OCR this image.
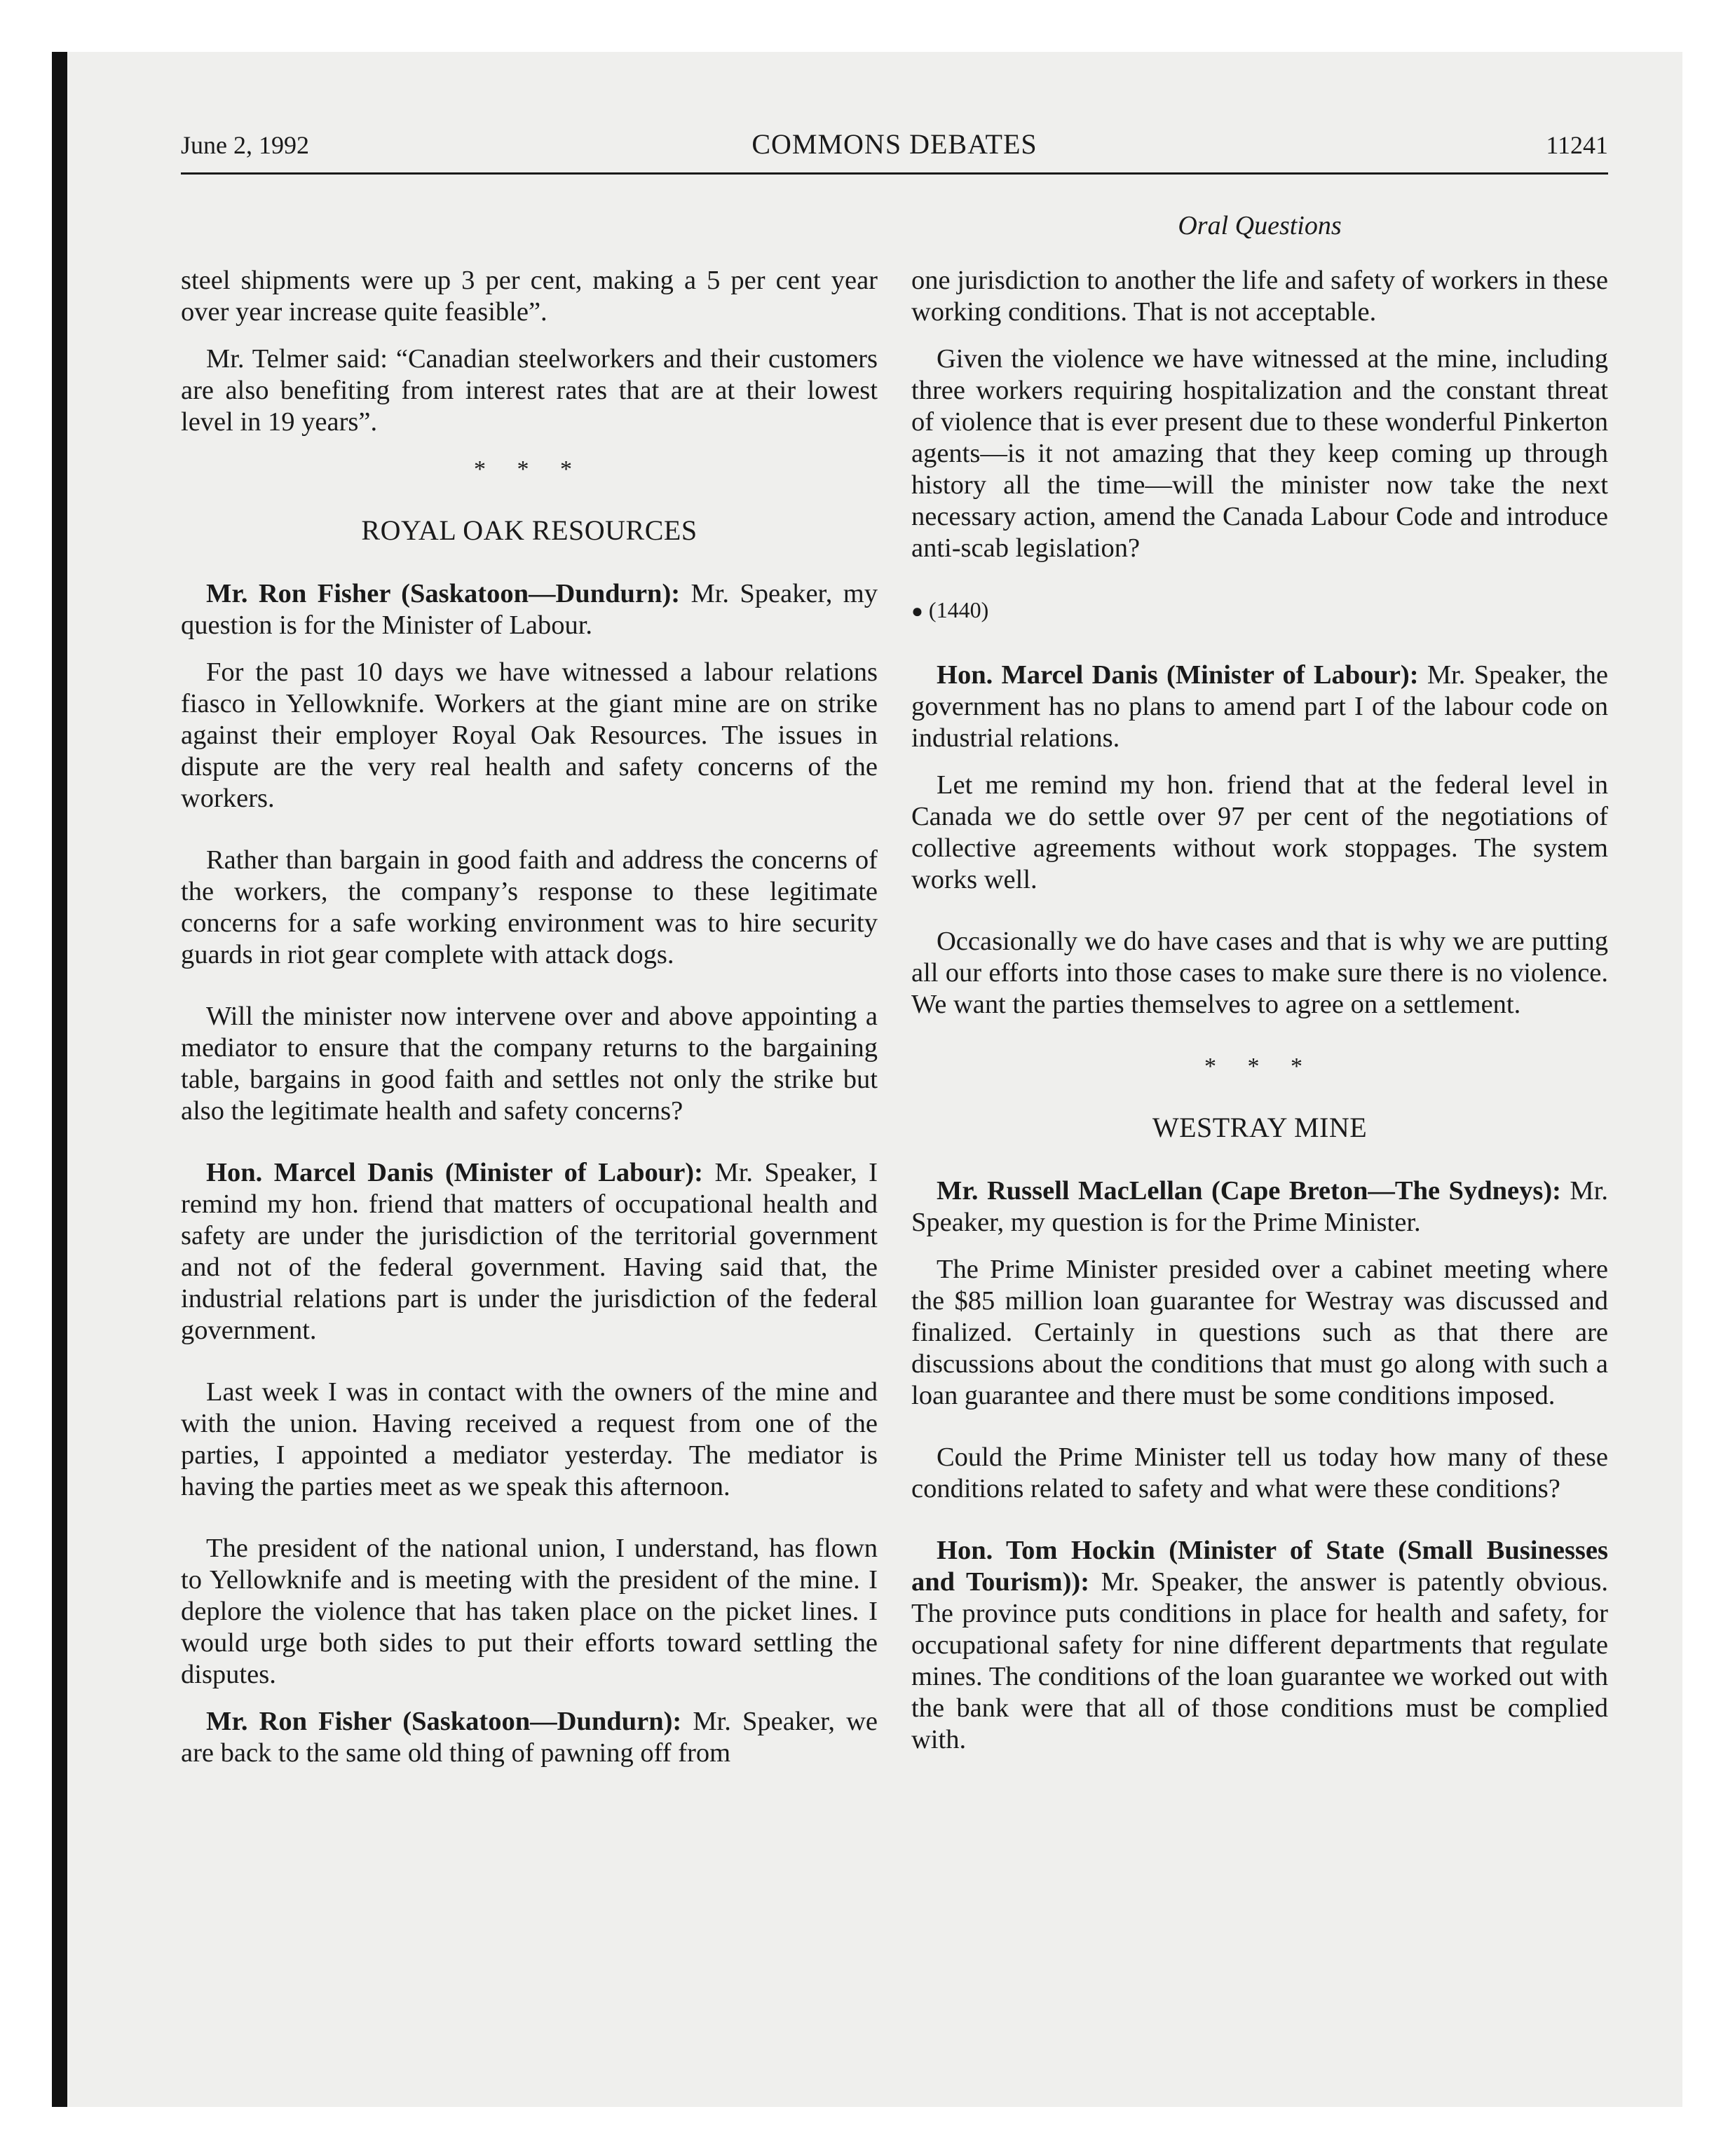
June 2, 1992	COMMONS DEBATES	11241
Oral Questions

steel shipments were up 3 per cent, making a 5 per cent year over year increase quite feasible”.

Mr. Telmer said: “Canadian steelworkers and their customers are also benefiting from interest rates that are at their lowest level in 19 years”.

* * *
ROYAL OAK RESOURCES

Mr. Ron Fisher (Saskatoon—Dundurn): Mr. Speaker, my question is for the Minister of Labour.

For the past 10 days we have witnessed a labour relations fiasco in Yellowknife. Workers at the giant mine are on strike against their employer Royal Oak Resources. The issues in dispute are the very real health and safety concerns of the workers.

Rather than bargain in good faith and address the concerns of the workers, the company’s response to these legitimate concerns for a safe working environment was to hire security guards in riot gear complete with attack dogs.

Will the minister now intervene over and above appointing a mediator to ensure that the company returns to the bargaining table, bargains in good faith and settles not only the strike but also the legitimate health and safety concerns?

Hon. Marcel Danis (Minister of Labour): Mr. Speaker, I remind my hon. friend that matters of occupational health and safety are under the jurisdiction of the territorial government and not of the federal government. Having said that, the industrial relations part is under the jurisdiction of the federal government.

Last week I was in contact with the owners of the mine and with the union. Having received a request from one of the parties, I appointed a mediator yesterday. The mediator is having the parties meet as we speak this afternoon.

The president of the national union, I understand, has flown to Yellowknife and is meeting with the president of the mine. I deplore the violence that has taken place on the picket lines. I would urge both sides to put their efforts toward settling the disputes.

Mr. Ron Fisher (Saskatoon—Dundurn): Mr. Speaker, we are back to the same old thing of pawning off from

one jurisdiction to another the life and safety of workers in these working conditions. That is not acceptable.

Given the violence we have witnessed at the mine, including three workers requiring hospitalization and the constant threat of violence that is ever present due to these wonderful Pinkerton agents—is it not amazing that they keep coming up through history all the time—will the minister now take the next necessary action, amend the Canada Labour Code and introduce anti-scab legislation?

● (1440)

Hon. Marcel Danis (Minister of Labour): Mr. Speaker, the government has no plans to amend part I of the labour code on industrial relations.

Let me remind my hon. friend that at the federal level in Canada we do settle over 97 per cent of the negotiations of collective agreements without work stoppages. The system works well.

Occasionally we do have cases and that is why we are putting all our efforts into those cases to make sure there is no violence. We want the parties themselves to agree on a settlement.

* * *
WESTRAY MINE

Mr. Russell MacLellan (Cape Breton—The Sydneys): Mr. Speaker, my question is for the Prime Minister.

The Prime Minister presided over a cabinet meeting where the $85 million loan guarantee for Westray was discussed and finalized. Certainly in questions such as that there are discussions about the conditions that must go along with such a loan guarantee and there must be some conditions imposed.

Could the Prime Minister tell us today how many of these conditions related to safety and what were these conditions?

Hon. Tom Hockin (Minister of State (Small Businesses and Tourism)): Mr. Speaker, the answer is patently obvious. The province puts conditions in place for health and safety, for occupational safety for nine different departments that regulate mines. The conditions of the loan guarantee we worked out with the bank were that all of those conditions must be complied with.
